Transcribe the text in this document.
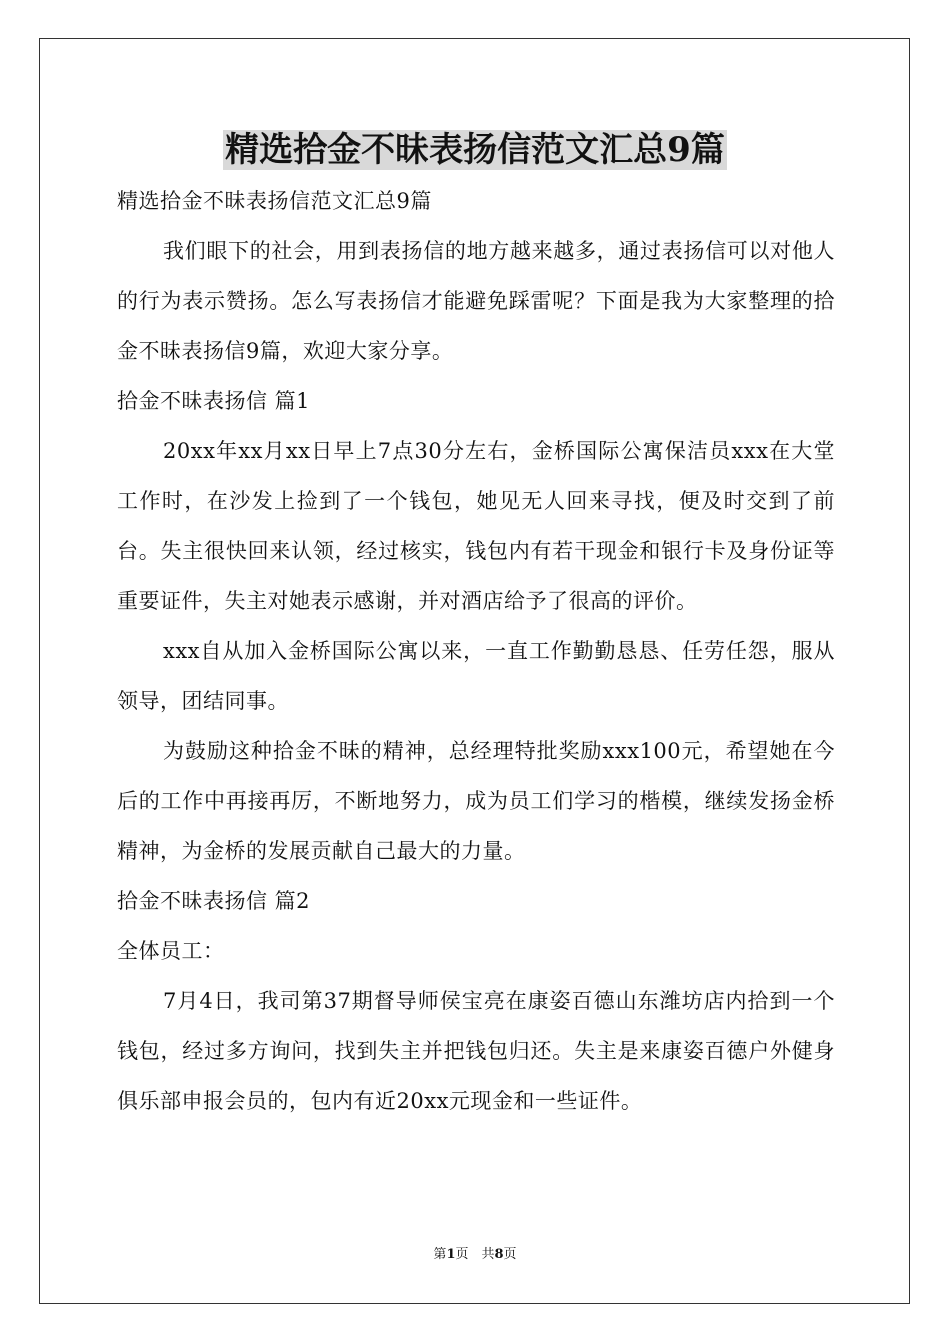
精选拾金不昧表扬信范文汇总9篇

精选拾金不昧表扬信范文汇总9篇

我们眼下的社会，用到表扬信的地方越来越多，通过表扬信可以对他人的行为表示赞扬。怎么写表扬信才能避免踩雷呢？下面是我为大家整理的拾金不昧表扬信9篇，欢迎大家分享。

拾金不昧表扬信 篇1

20xx年xx月xx日早上7点30分左右，金桥国际公寓保洁员xxx在大堂工作时，在沙发上捡到了一个钱包，她见无人回来寻找，便及时交到了前台。失主很快回来认领，经过核实，钱包内有若干现金和银行卡及身份证等重要证件，失主对她表示感谢，并对酒店给予了很高的评价。

xxx自从加入金桥国际公寓以来，一直工作勤勤恳恳、任劳任怨，服从领导，团结同事。

为鼓励这种拾金不昧的精神，总经理特批奖励xxx100元，希望她在今后的工作中再接再厉，不断地努力，成为员工们学习的楷模，继续发扬金桥精神，为金桥的发展贡献自己最大的力量。

拾金不昧表扬信 篇2

全体员工：

7月4日，我司第37期督导师侯宝亮在康姿百德山东潍坊店内拾到一个钱包，经过多方询问，找到失主并把钱包归还。失主是来康姿百德户外健身俱乐部申报会员的，包内有近20xx元现金和一些证件。

第1页　共8页
